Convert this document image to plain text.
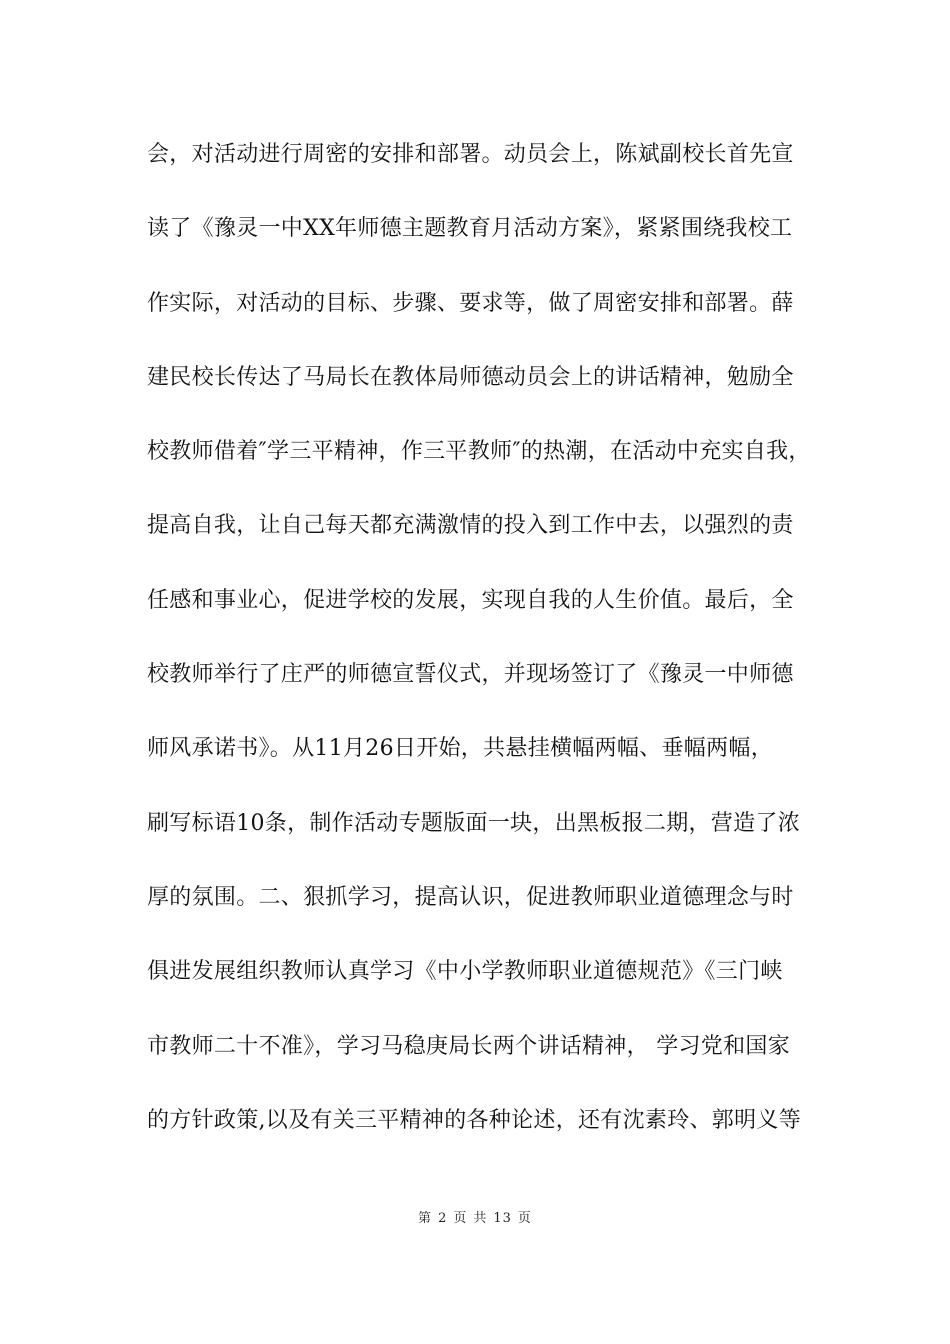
会，对活动进行周密的安排和部署。动员会上，陈斌副校长首先宣
读了《豫灵一中XX年师德主题教育月活动方案》，紧紧围绕我校工
作实际，对活动的目标、步骤、要求等，做了周密安排和部署。薛
建民校长传达了马局长在教体局师德动员会上的讲话精神，勉励全
校教师借着″学三平精神，作三平教师″的热潮，在活动中充实自我，
提高自我，让自己每天都充满激情的投入到工作中去，以强烈的责
任感和事业心，促进学校的发展，实现自我的人生价值。最后，全
校教师举行了庄严的师德宣誓仪式，并现场签订了《豫灵一中师德
师风承诺书》。从11月26日开始，共悬挂横幅两幅、垂幅两幅，
刷写标语10条，制作活动专题版面一块，出黑板报二期，营造了浓
厚的氛围。二、狠抓学习，提高认识，促进教师职业道德理念与时
俱进发展组织教师认真学习《中小学教师职业道德规范》《三门峡
市教师二十不准》，学习马稳庚局长两个讲话精神， 学习党和国家
的方针政策,以及有关三平精神的各种论述，还有沈素玲、郭明义等
第 2 页 共 13 页
